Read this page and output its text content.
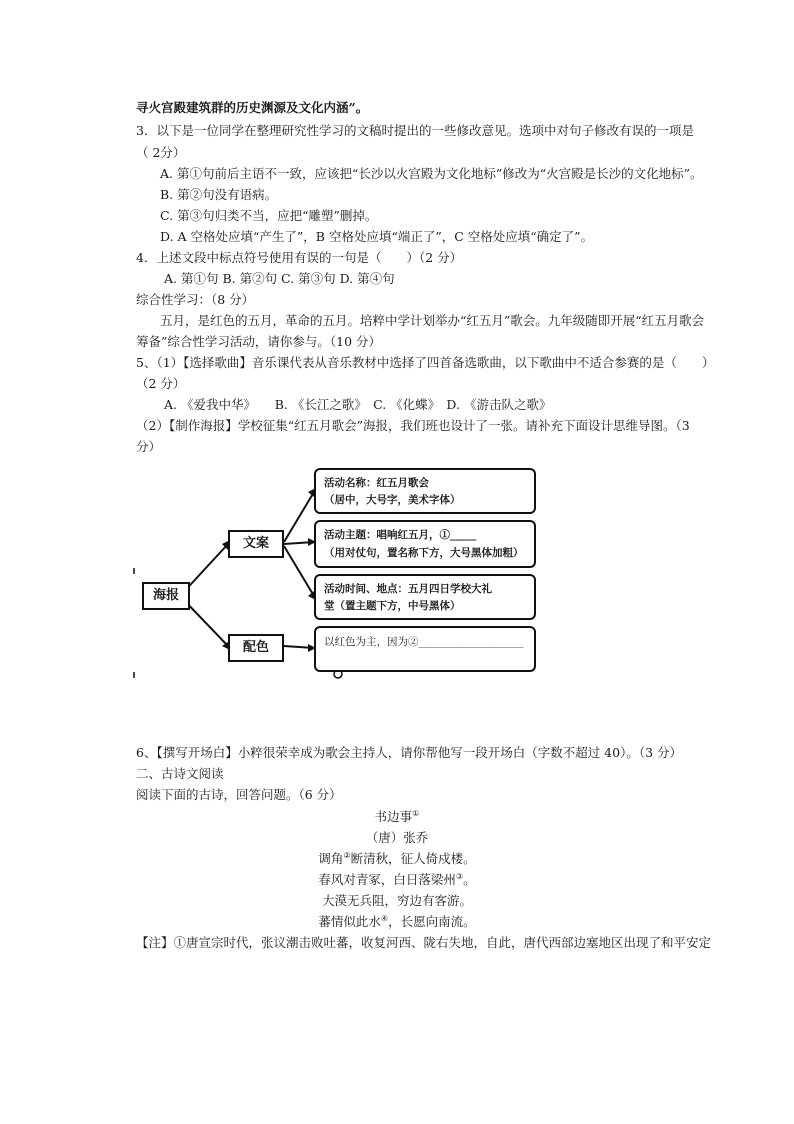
寻火宫殿建筑群的历史渊源及文化内涵”。
3．以下是一位同学在整理研究性学习的文稿时提出的一些修改意见。选项中对句子修改有误的一项是
（ 2分）
A. 第①句前后主语不一致，应该把“长沙以火宫殿为文化地标”修改为“火宫殿是长沙的文化地标”。
B. 第②句没有语病。
C. 第③句归类不当，应把“雕塑”删掉。
D. A 空格处应填“产生了”，B 空格处应填“端正了”，C 空格处应填“确定了”。
4．上述文段中标点符号使用有误的一句是（　　）（2 分）
A. 第①句 B. 第②句 C. 第③句 D. 第④句
综合性学习：（8 分）
五月，是红色的五月，革命的五月。培粹中学计划举办“红五月”歌会。九年级随即开展“红五月歌会
筹备”综合性学习活动，请你参与。（10 分）
5、（1）【选择歌曲】音乐课代表从音乐教材中选择了四首备选歌曲，以下歌曲中不适合参赛的是（　　）
（2 分）
A. 《爱我中华》　　B. 《长江之歌》　C. 《化蝶》　D. 《游击队之歌》
（2）【制作海报】学校征集“红五月歌会”海报，我们班也设计了一张。请补充下面设计思维导图。（3
分）
海报
文案
配色
活动名称：红五月歌会
（居中，大号字，美术字体）
活动主题：唱响红五月，①_____
（用对仗句，置名称下方，大号黑体加粗）
活动时间、地点：五月四日学校大礼
堂（置主题下方，中号黑体）
以红色为主，因为②____________________
6、【撰写开场白】小粹很荣幸成为歌会主持人，请你帮他写一段开场白（字数不超过 40）。（3 分）
二、古诗文阅读
阅读下面的古诗，回答问题。（6 分）
书边事①
（唐）张乔
调角②断清秋，征人倚戍楼。
春风对青冢，白日落梁州③。
大漠无兵阻，穷边有客游。
蕃情似此水④，长愿向南流。
【注】①唐宣宗时代，张议潮击败吐蕃，收复河西、陇右失地，自此，唐代西部边塞地区出现了和平安定
